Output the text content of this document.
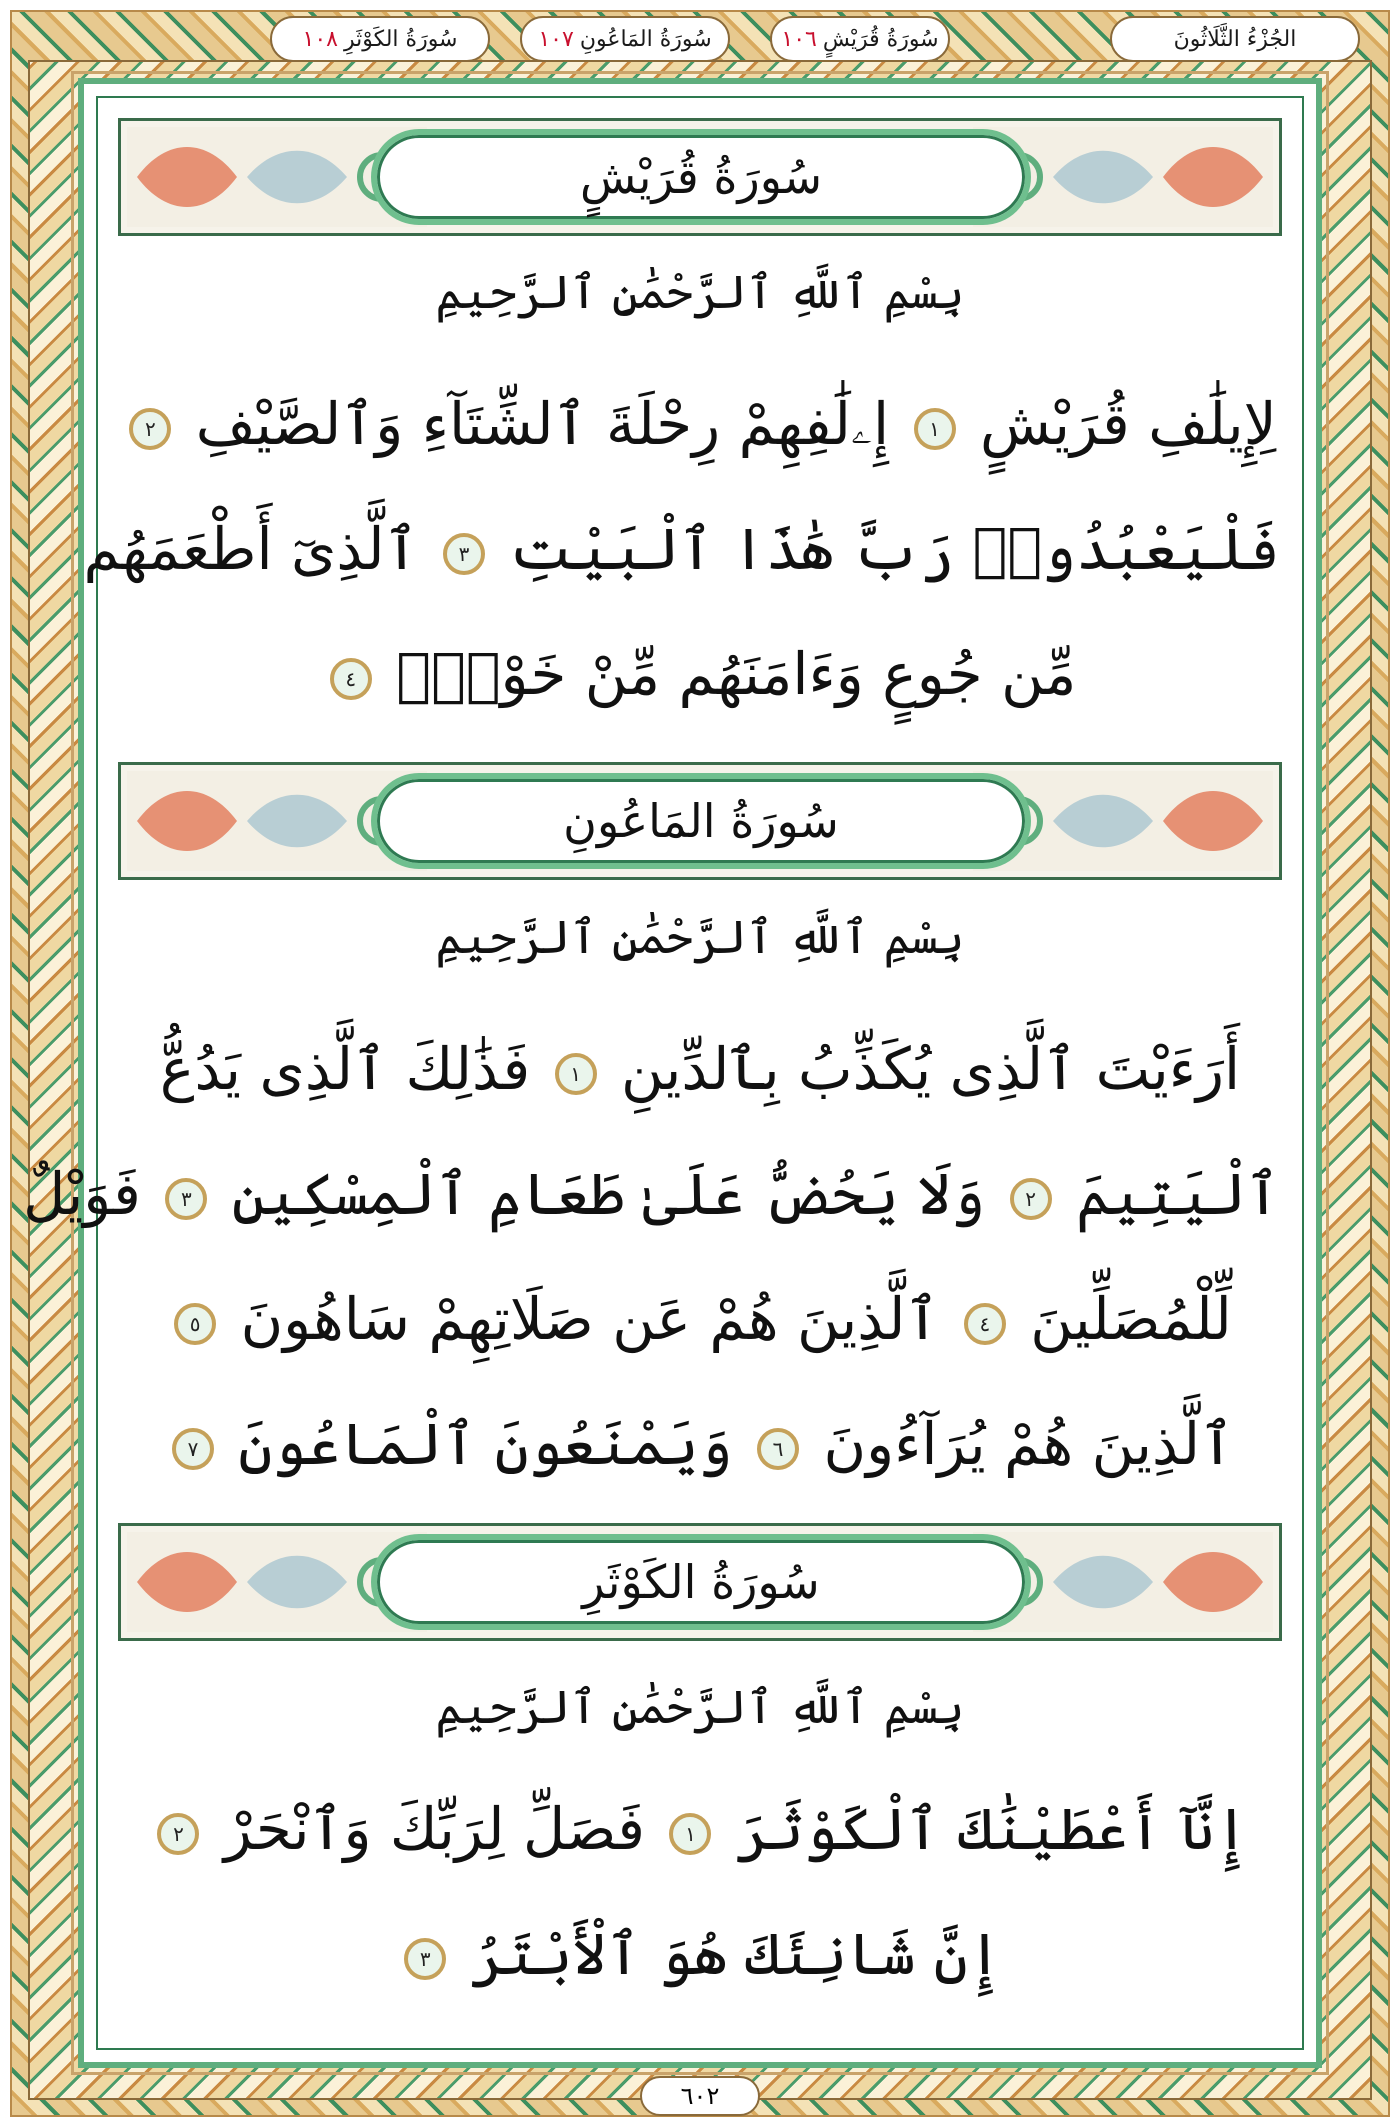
الجُزْءُ الثَّلَاثُونَ
سُورَةُ قُرَيْشٍ
١٠٦
سُورَةُ المَاعُونِ
١٠٧
سُورَةُ الكَوْثَرِ
١٠٨
سُورَةُ قُرَيْشٍ
بِسْمِ ٱللَّهِ ٱلرَّحْمَٰنِ ٱلرَّحِيمِ
لِإِيلَٰفِ قُرَيْشٍ ١ إِۦلَٰفِهِمْ رِحْلَةَ ٱلشِّتَآءِ وَٱلصَّيْفِ ٢
فَلْيَعْبُدُوا۟ رَبَّ هَٰذَا ٱلْبَيْتِ ٣ ٱلَّذِىٓ أَطْعَمَهُم
مِّن جُوعٍ وَءَامَنَهُم مِّنْ خَوْفٍۭ ٤
سُورَةُ المَاعُونِ
بِسْمِ ٱللَّهِ ٱلرَّحْمَٰنِ ٱلرَّحِيمِ
أَرَءَيْتَ ٱلَّذِى يُكَذِّبُ بِٱلدِّينِ ١ فَذَٰلِكَ ٱلَّذِى يَدُعُّ
ٱلْيَتِيمَ ٢ وَلَا يَحُضُّ عَلَىٰ طَعَامِ ٱلْمِسْكِينِ ٣ فَوَيْلٌ
لِّلْمُصَلِّينَ ٤ ٱلَّذِينَ هُمْ عَن صَلَاتِهِمْ سَاهُونَ ٥
ٱلَّذِينَ هُمْ يُرَآءُونَ ٦ وَيَمْنَعُونَ ٱلْمَاعُونَ ٧
سُورَةُ الكَوْثَرِ
بِسْمِ ٱللَّهِ ٱلرَّحْمَٰنِ ٱلرَّحِيمِ
إِنَّآ أَعْطَيْنَٰكَ ٱلْكَوْثَرَ ١ فَصَلِّ لِرَبِّكَ وَٱنْحَرْ ٢
إِنَّ شَانِئَكَ هُوَ ٱلْأَبْتَرُ ٣
٦٠٢
